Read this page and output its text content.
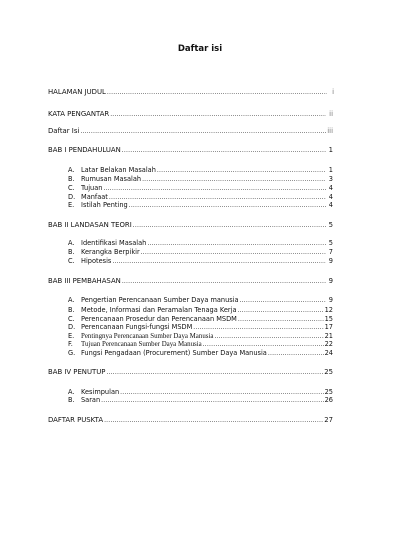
Daftar isi
HALAMAN JUDUL .....	i
KATA PENGANTAR .....	ii
Daftar Isi .....	iii
BAB I PENDAHULUAN .....	1
A. Latar Belakan Masalah .....	1
B. Rumusan Masalah .....	3
C. Tujuan .....	4
D. Manfaat .....	4
E.	Istilah Penting .....	4
BAB II LANDASAN TEORI .....	5
A. Identifikasi Masalah .....	5
B. Kerangka Berpikir .....	7
C. Hipotesis .....	9
BAB III PEMBAHASAN .....	9
A. Pengertian Perencanaan Sumber Daya manusia .....	9
B. Metode, Informasi dan Peramalan Tenaga Kerja .....	12
C. Perencanaan Prosedur dan Perencanaan MSDM .....	15
D. Perencanaan Fungsi-fungsi MSDM .....	17
E. Pentingnya Perencanaan Sumber Daya Manusia .....	21
F.	Tujuan Perencanaan Sumber Daya Manusia .....	22
G. Fungsi Pengadaan (Procurement) Sumber Daya Manusia .....	24
BAB IV PENUTUP .....	25
A. Kesimpulan .....	25
B. Saran .....	26
DAFTAR PUSKTA .....	27
